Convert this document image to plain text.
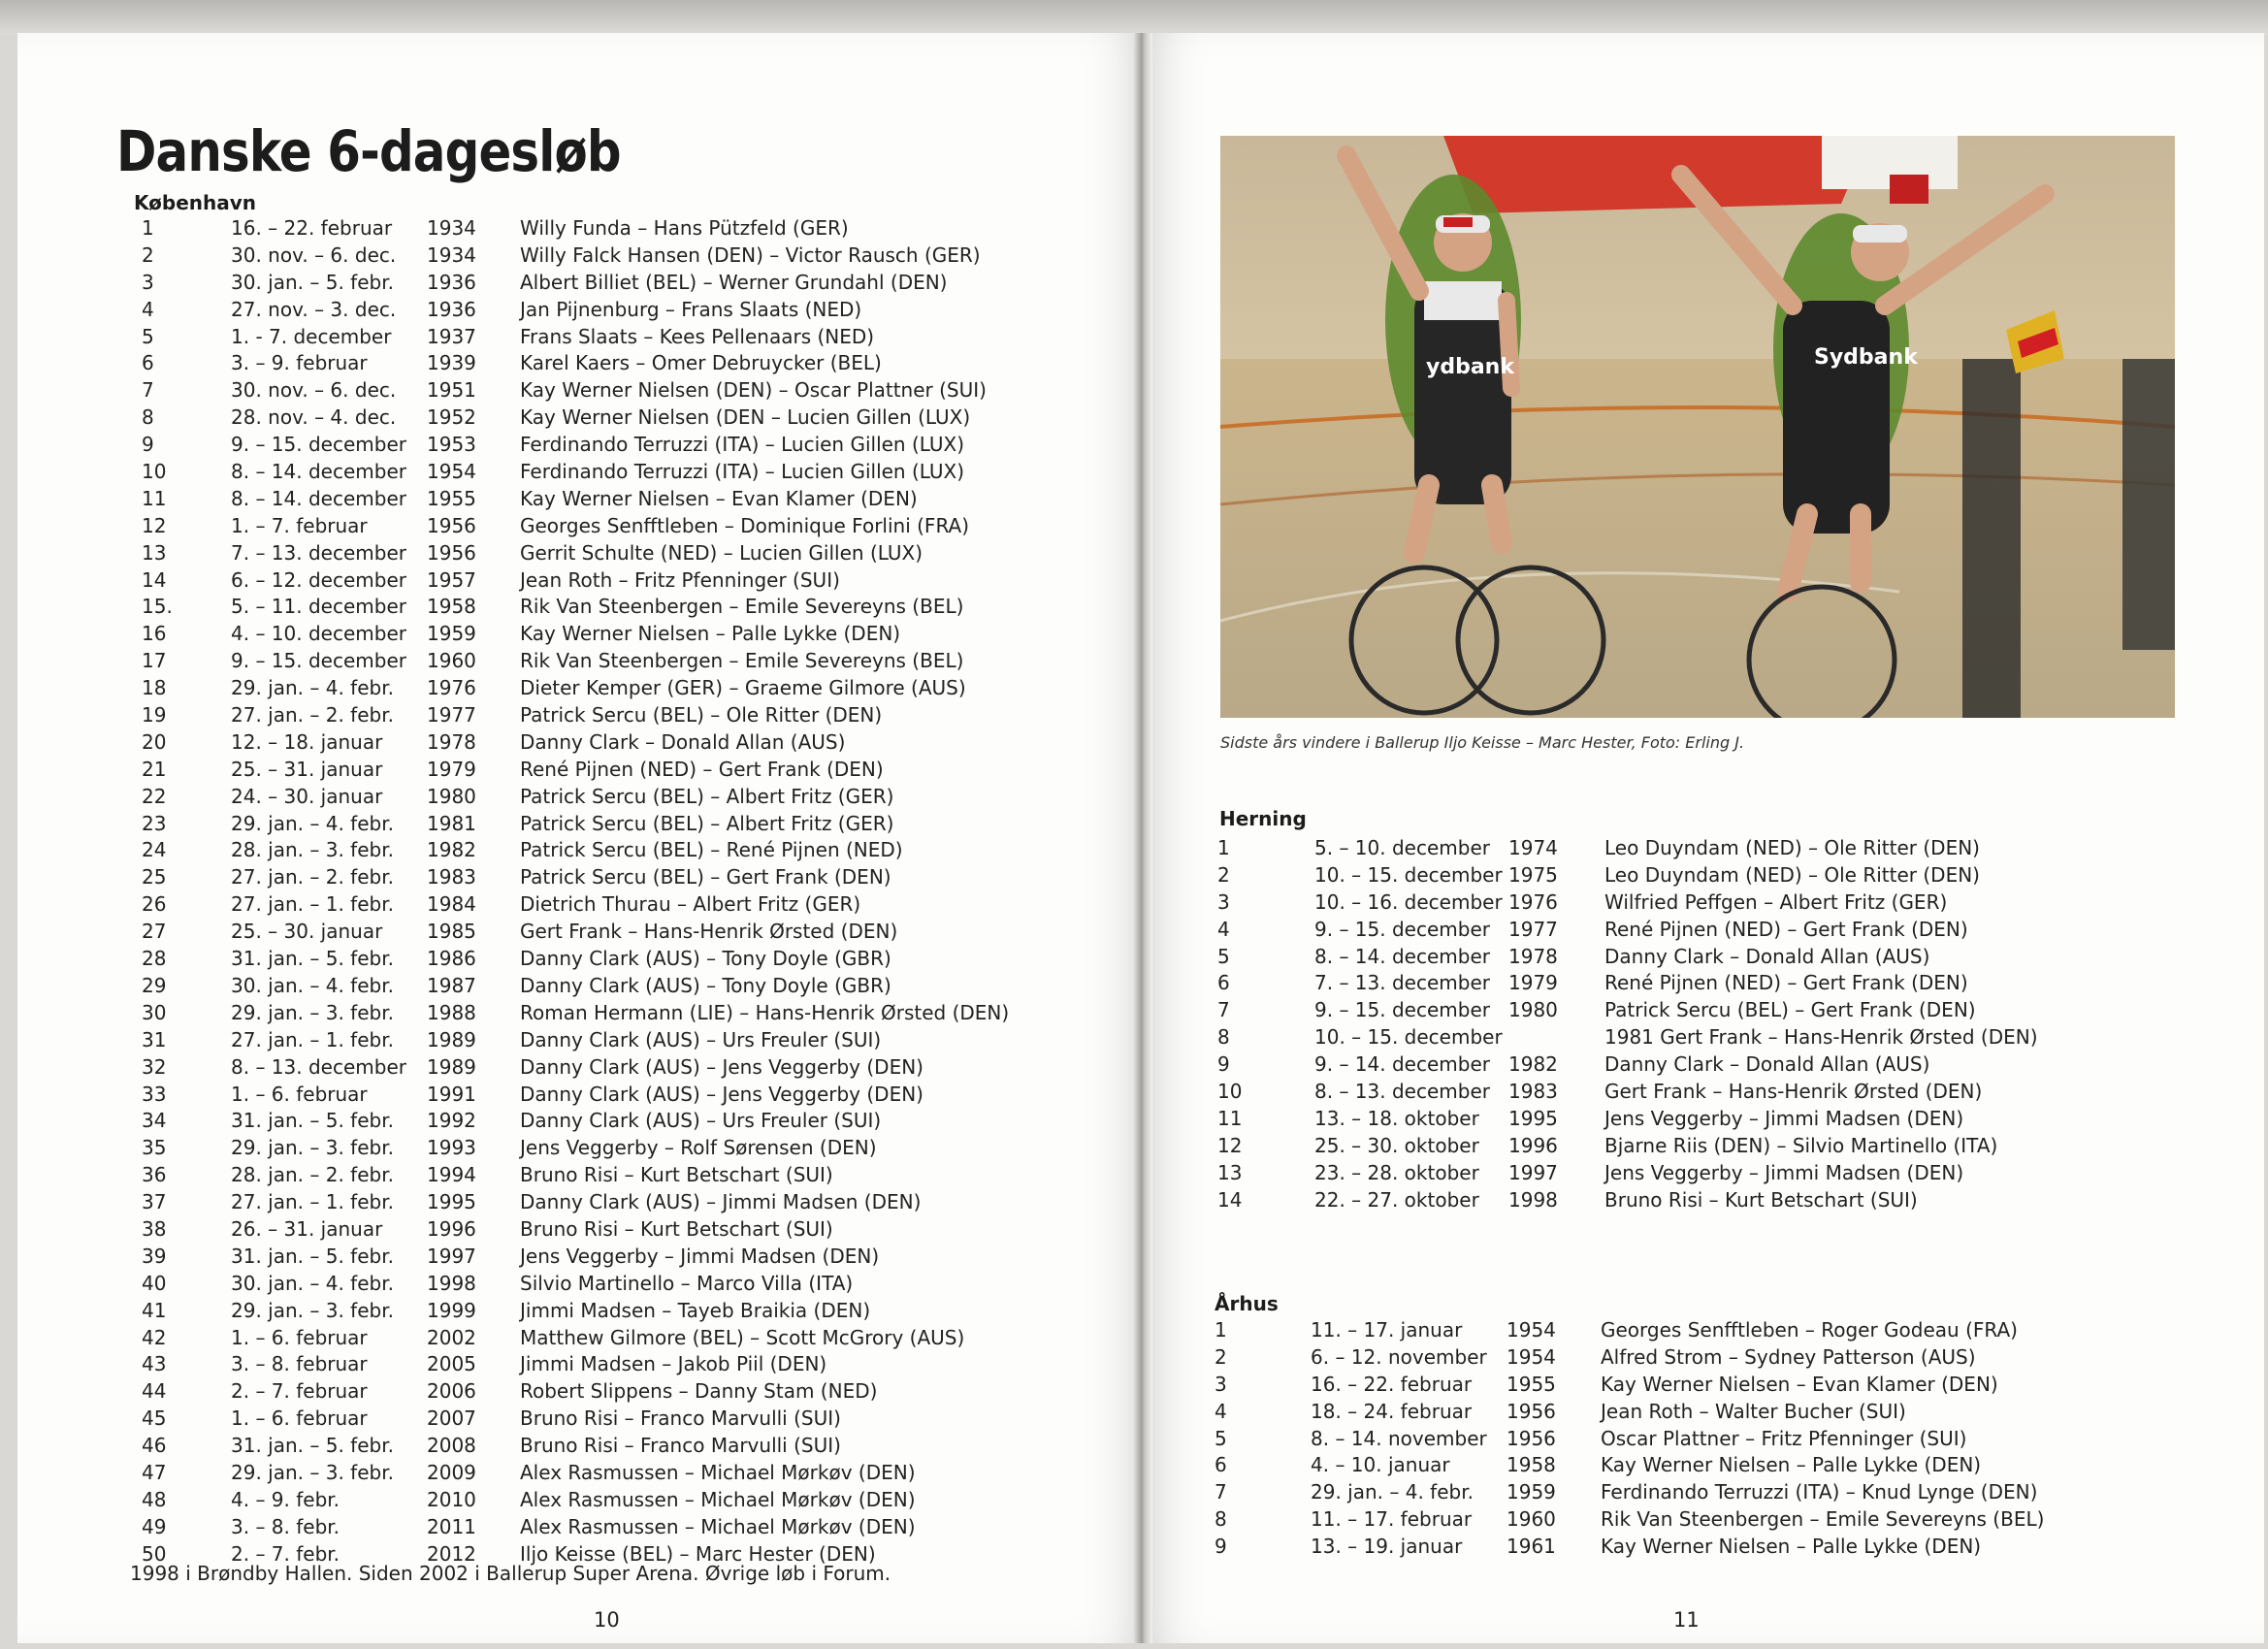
Danske 6-dagesløb
København
1	16. – 22. februar 1934 Willy Funda – Hans Pützfeld (GER)
2	30. nov. – 6. dec. 1934 Willy Falck Hansen (DEN) – Victor Rausch (GER)
3	30. jan. – 5. febr. 1936 Albert Billiet (BEL) – Werner Grundahl (DEN)
4	27. nov. – 3. dec. 1936 Jan Pijnenburg – Frans Slaats (NED)
5	1. - 7. december 1937 Frans Slaats – Kees Pellenaars (NED)
6	3. – 9. februar	1939 Karel Kaers – Omer Debruycker (BEL)
7	30. nov. – 6. dec. 1951 Kay Werner Nielsen (DEN) – Oscar Plattner (SUI)
8	28. nov. – 4. dec. 1952 Kay Werner Nielsen (DEN – Lucien Gillen (LUX)
9	9. – 15. december 1953 Ferdinando Terruzzi (ITA) – Lucien Gillen (LUX)
10	8. – 14. december 1954 Ferdinando Terruzzi (ITA) – Lucien Gillen (LUX)
11	8. – 14. december 1955 Kay Werner Nielsen – Evan Klamer (DEN)
12	1. – 7. februar	1956 Georges Senfftleben – Dominique Forlini (FRA)
13	7. – 13. december 1956 Gerrit Schulte (NED) – Lucien Gillen (LUX)
14	6. – 12. december 1957 Jean Roth – Fritz Pfenninger (SUI)
15.	5. – 11. december 1958 Rik Van Steenbergen – Emile Severeyns (BEL)
16	4. – 10. december 1959 Kay Werner Nielsen – Palle Lykke (DEN)
17	9. – 15. december 1960 Rik Van Steenbergen – Emile Severeyns (BEL)
18	29. jan. – 4. febr. 1976 Dieter Kemper (GER) – Graeme Gilmore (AUS)
19	27. jan. – 2. febr. 1977 Patrick Sercu (BEL) – Ole Ritter (DEN)
20	12. – 18. januar 1978 Danny Clark – Donald Allan (AUS)
21	25. – 31. januar 1979 René Pijnen (NED) – Gert Frank (DEN)
22	24. – 30. januar 1980 Patrick Sercu (BEL) – Albert Fritz (GER)
23	29. jan. – 4. febr. 1981 Patrick Sercu (BEL) – Albert Fritz (GER)
24	28. jan. – 3. febr. 1982 Patrick Sercu (BEL) – René Pijnen (NED)
25	27. jan. – 2. febr. 1983 Patrick Sercu (BEL) – Gert Frank (DEN)
26	27. jan. – 1. febr. 1984 Dietrich Thurau – Albert Fritz (GER)
27	25. – 30. januar 1985 Gert Frank – Hans-Henrik Ørsted (DEN)
28	31. jan. – 5. febr. 1986 Danny Clark (AUS) – Tony Doyle (GBR)
29	30. jan. – 4. febr. 1987 Danny Clark (AUS) – Tony Doyle (GBR)
30	29. jan. – 3. febr. 1988 Roman Hermann (LIE) – Hans-Henrik Ørsted (DEN)
31	27. jan. – 1. febr. 1989 Danny Clark (AUS) – Urs Freuler (SUI)
32	8. – 13. december 1989 Danny Clark (AUS) – Jens Veggerby (DEN)
33	1. – 6. februar	1991 Danny Clark (AUS) – Jens Veggerby (DEN)
34	31. jan. – 5. febr. 1992 Danny Clark (AUS) – Urs Freuler (SUI)
35	29. jan. – 3. febr. 1993 Jens Veggerby – Rolf Sørensen (DEN)
36	28. jan. – 2. febr. 1994 Bruno Risi – Kurt Betschart (SUI)
37	27. jan. – 1. febr. 1995 Danny Clark (AUS) – Jimmi Madsen (DEN)
38	26. – 31. januar 1996 Bruno Risi – Kurt Betschart (SUI)
39	31. jan. – 5. febr. 1997 Jens Veggerby – Jimmi Madsen (DEN)
40	30. jan. – 4. febr. 1998 Silvio Martinello – Marco Villa (ITA)
41	29. jan. – 3. febr. 1999 Jimmi Madsen – Tayeb Braikia (DEN)
42	1. – 6. februar	2002 Matthew Gilmore (BEL) – Scott McGrory (AUS)
43	3. – 8. februar	2005 Jimmi Madsen – Jakob Piil (DEN)
44	2. – 7. februar	2006 Robert Slippens – Danny Stam (NED)
45	1. – 6. februar	2007 Bruno Risi – Franco Marvulli (SUI)
46	31. jan. – 5. febr. 2008 Bruno Risi – Franco Marvulli (SUI)
47	29. jan. – 3. febr. 2009 Alex Rasmussen – Michael Mørkøv (DEN)
48	4. – 9. febr.	2010 Alex Rasmussen – Michael Mørkøv (DEN)
49	3. – 8. febr.	2011 Alex Rasmussen – Michael Mørkøv (DEN)
50	2. – 7. febr.	2012 Iljo Keisse (BEL) – Marc Hester (DEN)
1998 i Brøndby Hallen. Siden 2002 i Ballerup Super Arena. Øvrige løb i Forum.
10
ydbank	Sydbank
Sidste års vindere i Ballerup Iljo Keisse – Marc Hester, Foto: Erling J.
Herning
1	5. – 10. december 1974 Leo Duyndam (NED) – Ole Ritter (DEN)
2	10. – 15. december 1975 Leo Duyndam (NED) – Ole Ritter (DEN)
3	10. – 16. december 1976 Wilfried Peffgen – Albert Fritz (GER)
4	9. – 15. december 1977 René Pijnen (NED) – Gert Frank (DEN)
5	8. – 14. december 1978 Danny Clark – Donald Allan (AUS)
6	7. – 13. december 1979 René Pijnen (NED) – Gert Frank (DEN)
7	9. – 15. december 1980 Patrick Sercu (BEL) – Gert Frank (DEN)
8	10. – 15. december	1981 Gert Frank – Hans-Henrik Ørsted (DEN)
9	9. – 14. december 1982 Danny Clark – Donald Allan (AUS)
10	8. – 13. december 1983 Gert Frank – Hans-Henrik Ørsted (DEN)
11	13. – 18. oktober 1995 Jens Veggerby – Jimmi Madsen (DEN)
12	25. – 30. oktober 1996 Bjarne Riis (DEN) – Silvio Martinello (ITA)
13	23. – 28. oktober 1997 Jens Veggerby – Jimmi Madsen (DEN)
14	22. – 27. oktober 1998 Bruno Risi – Kurt Betschart (SUI)
Århus
1	11. – 17. januar 1954 Georges Senfftleben – Roger Godeau (FRA)
2	6. – 12. november 1954 Alfred Strom – Sydney Patterson (AUS)
3	16. – 22. februar 1955 Kay Werner Nielsen – Evan Klamer (DEN)
4	18. – 24. februar 1956 Jean Roth – Walter Bucher (SUI)
5	8. – 14. november 1956 Oscar Plattner – Fritz Pfenninger (SUI)
6	4. – 10. januar	1958 Kay Werner Nielsen – Palle Lykke (DEN)
7	29. jan. – 4. febr. 1959 Ferdinando Terruzzi (ITA) – Knud Lynge (DEN)
8	11. – 17. februar 1960 Rik Van Steenbergen – Emile Severeyns (BEL)
9	13. – 19. januar 1961 Kay Werner Nielsen – Palle Lykke (DEN)
11
